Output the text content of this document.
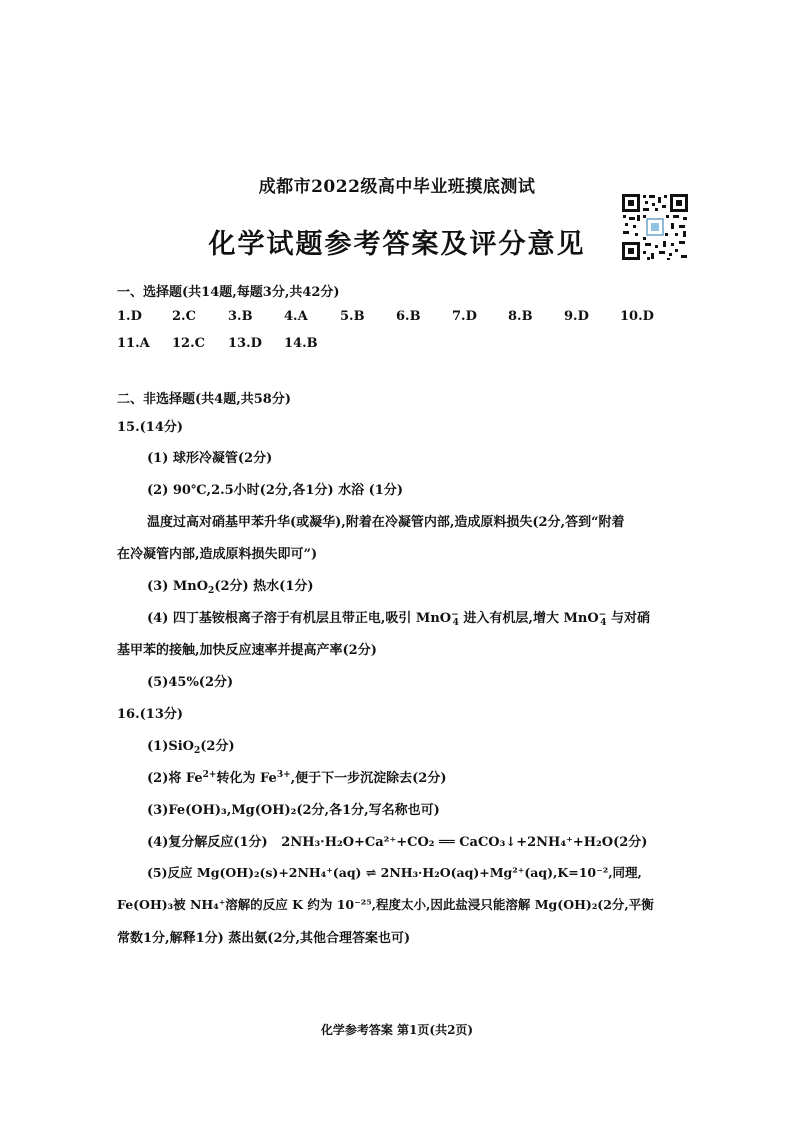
成都市2022级高中毕业班摸底测试
化学试题参考答案及评分意见
一、选择题(共14题,每题3分,共42分)
1.D 2.C 3.B 4.A 5.B 6.B 7.D 8.B 9.D 10.D
11.A 12.C 13.D 14.B
二、非选择题(共4题,共58分)
15.(14分)
(1) 球形冷凝管(2分)
(2) 90℃,2.5小时(2分,各1分) 水浴 (1分)
温度过高对硝基甲苯升华(或凝华),附着在冷凝管内部,造成原料损失(2分,答到“附着
在冷凝管内部,造成原料损失即可”)
(3) MnO$_2$(2分) 热水(1分)
(4) 四丁基铵根离子溶于有机层且带正电,吸引 MnO−$_4$ 进入有机层,增大 MnO−$_4$ 与对硝
基甲苯的接触,加快反应速率并提高产率(2分)
(5)45%(2分)
16.(13分)
(1)SiO$_2$(2分)
(2)将 $Fe^{2+}$转化为 $Fe^{3+}$,便于下一步沉淀除去(2分)
(3)Fe(OH)₃,Mg(OH)₂(2分,各1分,写名称也可)
(4)复分解反应(1分) 2NH₃·H₂O+Ca²⁺+CO₂ ══ CaCO₃↓+2NH₄⁺+H₂O(2分)
(5)反应 Mg(OH)₂(s)+2NH₄⁺(aq) ⇌ 2NH₃·H₂O(aq)+Mg²⁺(aq),K=10⁻²,同理,
Fe(OH)₃被 NH₄⁺溶解的反应 K 约为 10⁻²⁵,程度太小,因此盐浸只能溶解 Mg(OH)₂(2分,平衡
常数1分,解释1分) 蒸出氨(2分,其他合理答案也可)
化学参考答案 第1页(共2页)
